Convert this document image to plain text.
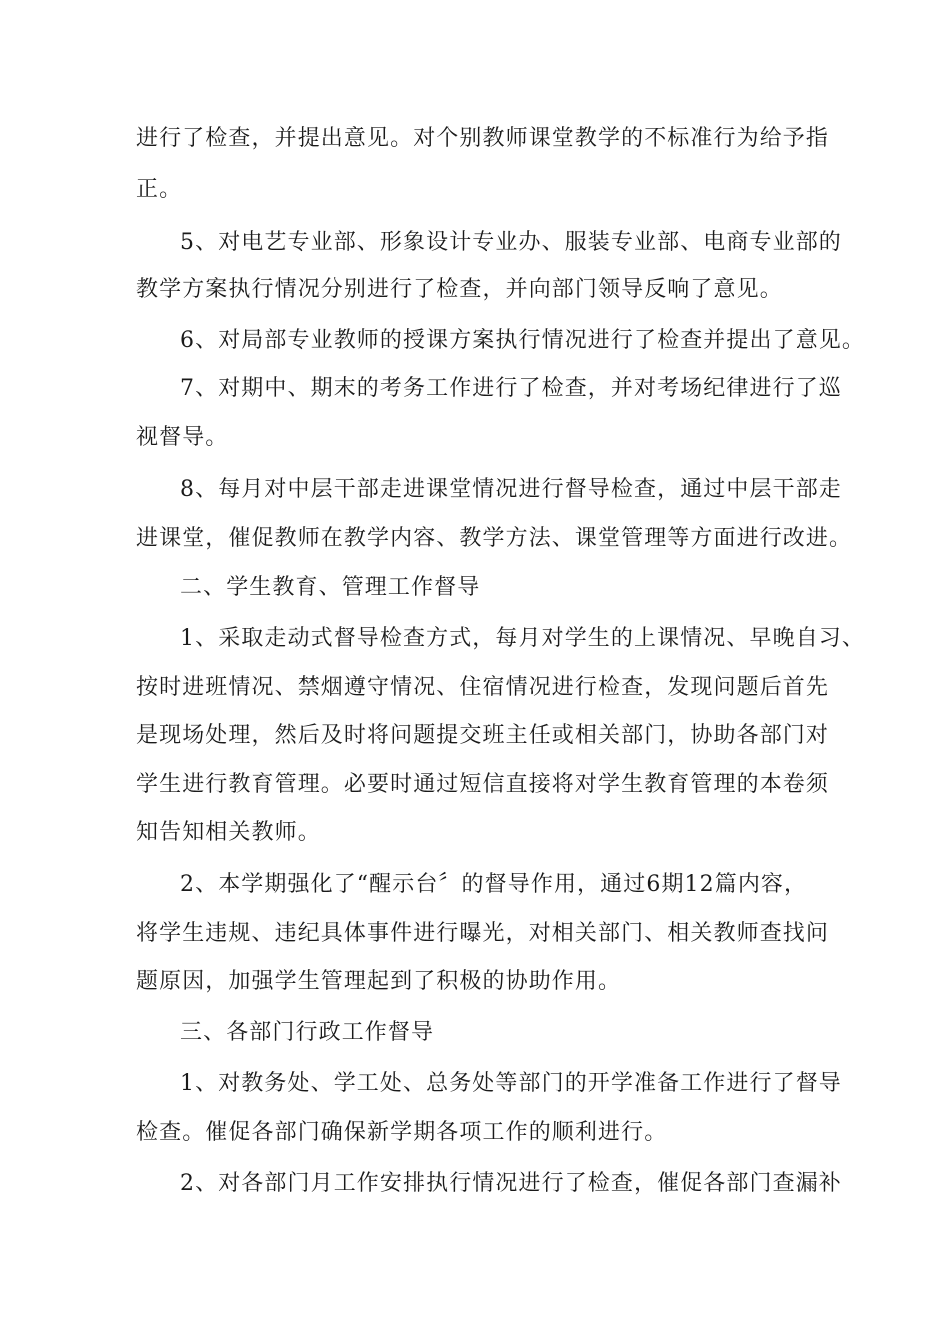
进行了检查，并提出意见。对个别教师课堂教学的不标准行为给予指
正。
5、对电艺专业部、形象设计专业办、服装专业部、电商专业部的
教学方案执行情况分别进行了检查，并向部门领导反响了意见。
6、对局部专业教师的授课方案执行情况进行了检查并提出了意见。
7、对期中、期末的考务工作进行了检查，并对考场纪律进行了巡
视督导。
8、每月对中层干部走进课堂情况进行督导检查，通过中层干部走
进课堂，催促教师在教学内容、教学方法、课堂管理等方面进行改进。
二、学生教育、管理工作督导
1、采取走动式督导检查方式，每月对学生的上课情况、早晚自习、
按时进班情况、禁烟遵守情况、住宿情况进行检查，发现问题后首先
是现场处理，然后及时将问题提交班主任或相关部门，协助各部门对
学生进行教育管理。必要时通过短信直接将对学生教育管理的本卷须
知告知相关教师。
2、本学期强化了“醒示台〞的督导作用，通过6期12篇内容，
将学生违规、违纪具体事件进行曝光，对相关部门、相关教师查找问
题原因，加强学生管理起到了积极的协助作用。
三、各部门行政工作督导
1、对教务处、学工处、总务处等部门的开学准备工作进行了督导
检查。催促各部门确保新学期各项工作的顺利进行。
2、对各部门月工作安排执行情况进行了检查，催促各部门查漏补
